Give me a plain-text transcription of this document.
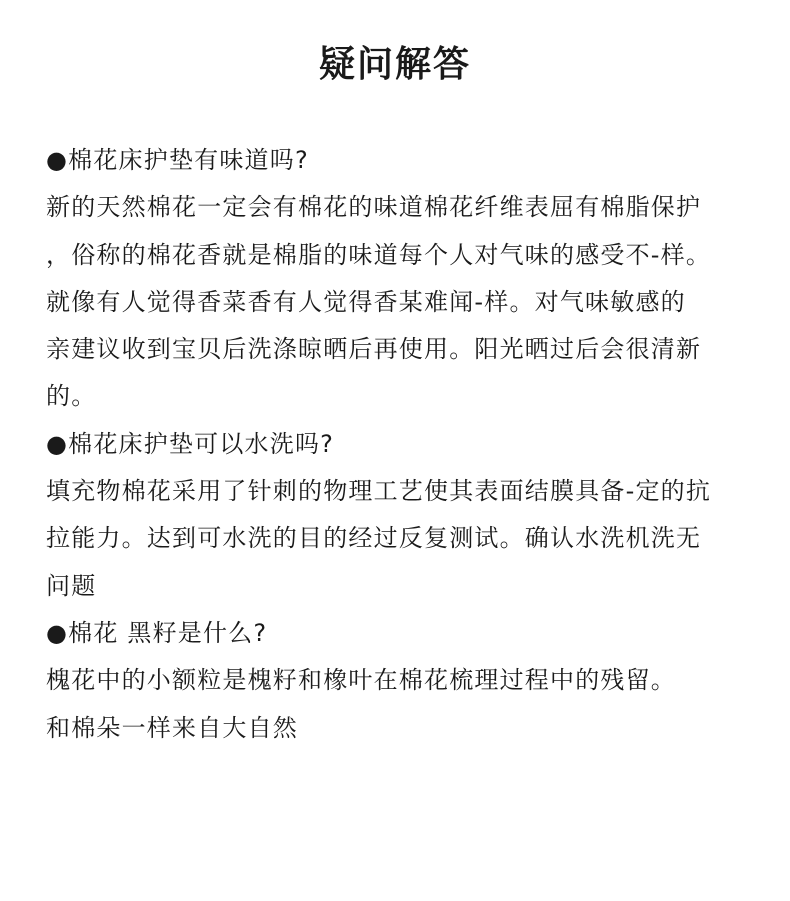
疑问解答
●棉花床护垫有味道吗?
新的天然棉花一定会有棉花的味道棉花纤维表屈有棉脂保护
，俗称的棉花香就是棉脂的味道每个人对气味的感受不-样。
就像有人觉得香菜香有人觉得香某难闻-样。对气味敏感的
亲建议收到宝贝后洗涤晾晒后再使用。阳光晒过后会很清新
的。
●棉花床护垫可以水洗吗?
填充物棉花采用了针刺的物理工艺使其表面结膜具备-定的抗
拉能力。达到可水洗的目的经过反复测试。确认水洗机洗无
问题
●棉花 黑籽是什么?
槐花中的小额粒是槐籽和橡叶在棉花梳理过程中的残留。
和棉朵一样来自大自然
